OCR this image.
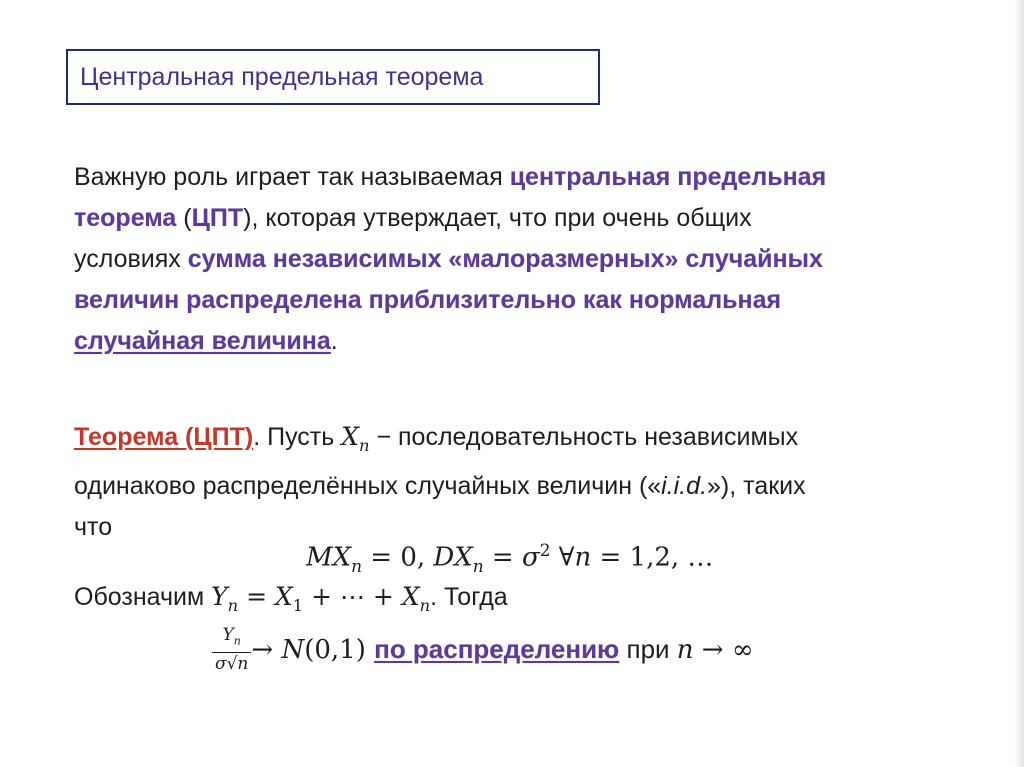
Центральная предельная теорема
Важную роль играет так называемая центральная предельная
теорема (ЦПТ), которая утверждает, что при очень общих
условиях сумма независимых «малоразмерных» случайных
величин распределена приблизительно как нормальная
случайная величина.
Теорема (ЦПТ). Пусть $X_n$ − последовательность независимых
одинаково распределённых случайных величин («i.i.d.»), таких
что
$MX_n = 0$, $DX_n = \sigma^2$ ∀n = 1,2, …
Обозначим $Y_n = X_1$ + ⋯ + $X_n$. Тогда
$\frac{Y_n}{\sigma√n} \to N(0,1)$ по распределению при n → ∞
